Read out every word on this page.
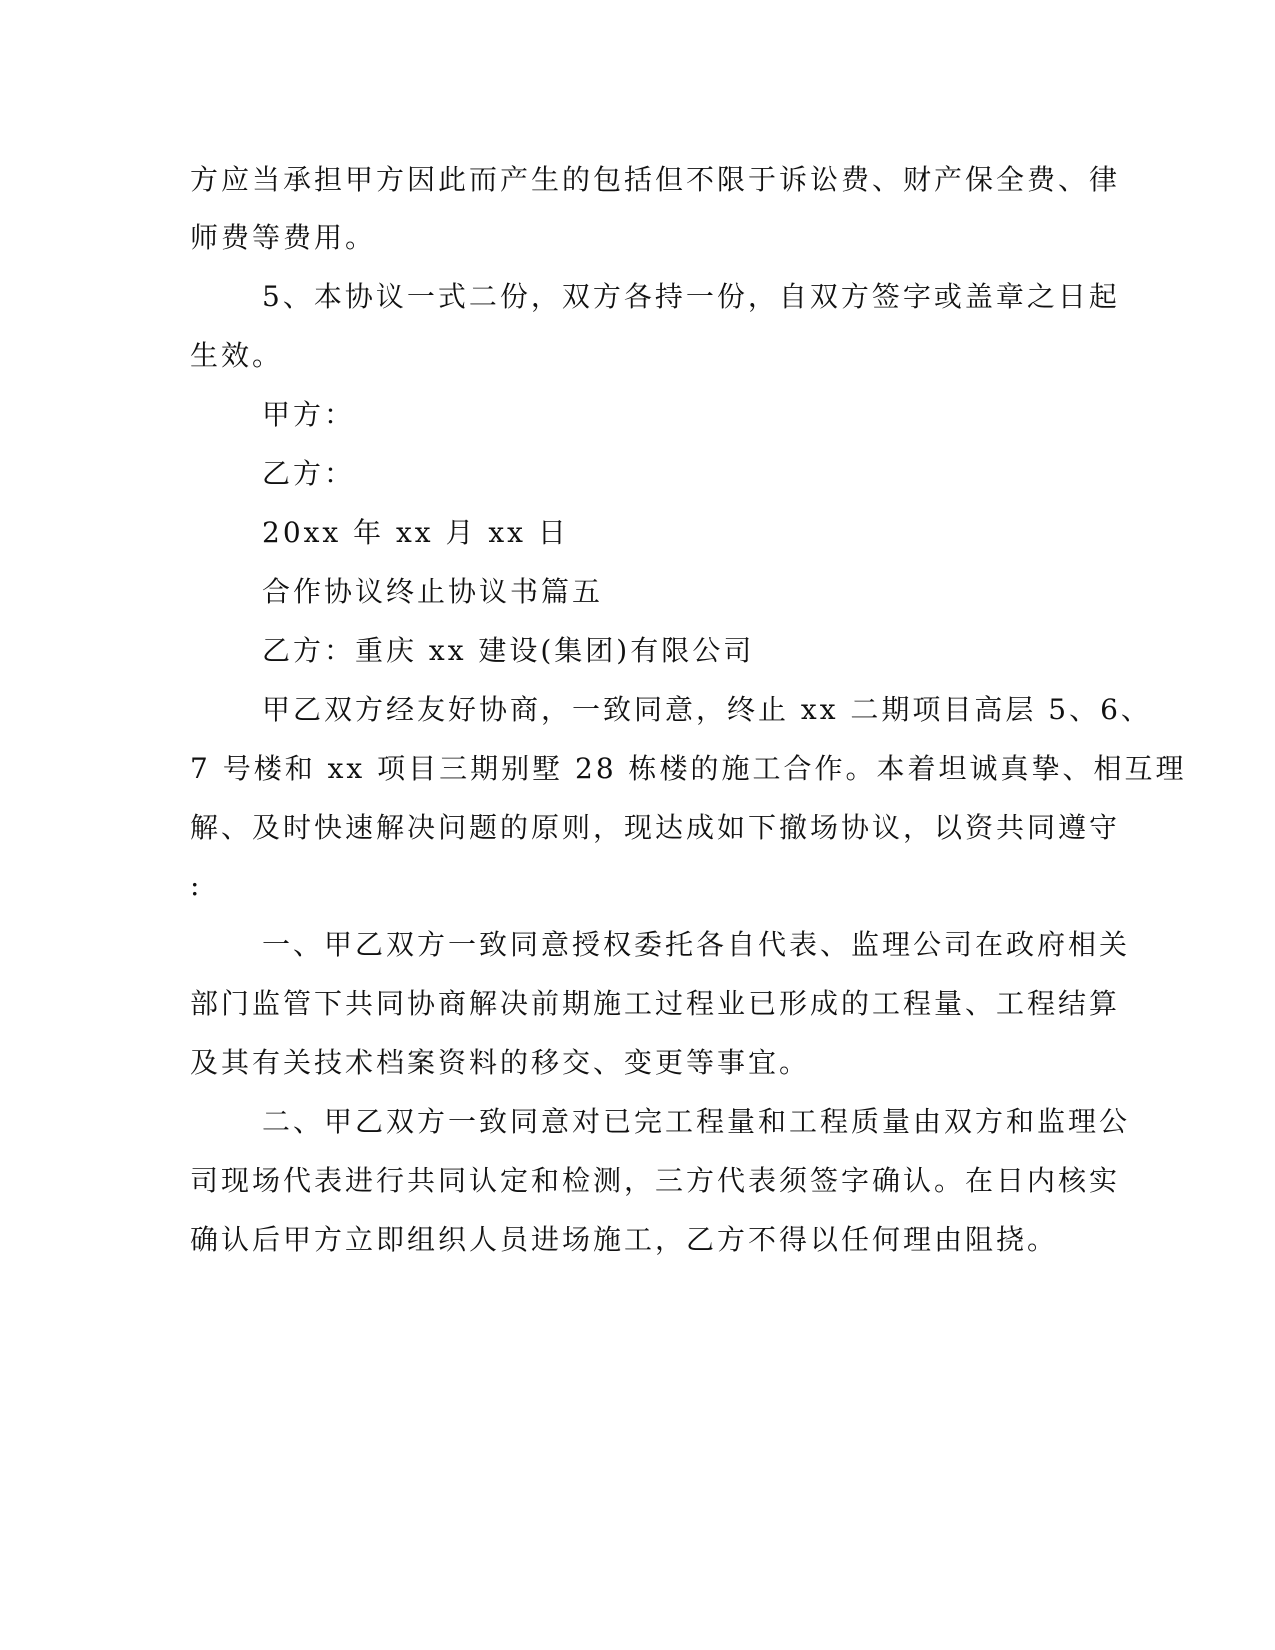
方应当承担甲方因此而产生的包括但不限于诉讼费、财产保全费、律
师费等费用。
5、本协议一式二份，双方各持一份，自双方签字或盖章之日起
生效。
甲方：
乙方：
20xx 年 xx 月 xx 日
合作协议终止协议书篇五
乙方：重庆 xx 建设(集团)有限公司
甲乙双方经友好协商，一致同意，终止 xx 二期项目高层 5、6、
7 号楼和 xx 项目三期别墅 28 栋楼的施工合作。本着坦诚真挚、相互理
解、及时快速解决问题的原则，现达成如下撤场协议，以资共同遵守
:
一、甲乙双方一致同意授权委托各自代表、监理公司在政府相关
部门监管下共同协商解决前期施工过程业已形成的工程量、工程结算
及其有关技术档案资料的移交、变更等事宜。
二、甲乙双方一致同意对已完工程量和工程质量由双方和监理公
司现场代表进行共同认定和检测，三方代表须签字确认。在日内核实
确认后甲方立即组织人员进场施工，乙方不得以任何理由阻挠。
